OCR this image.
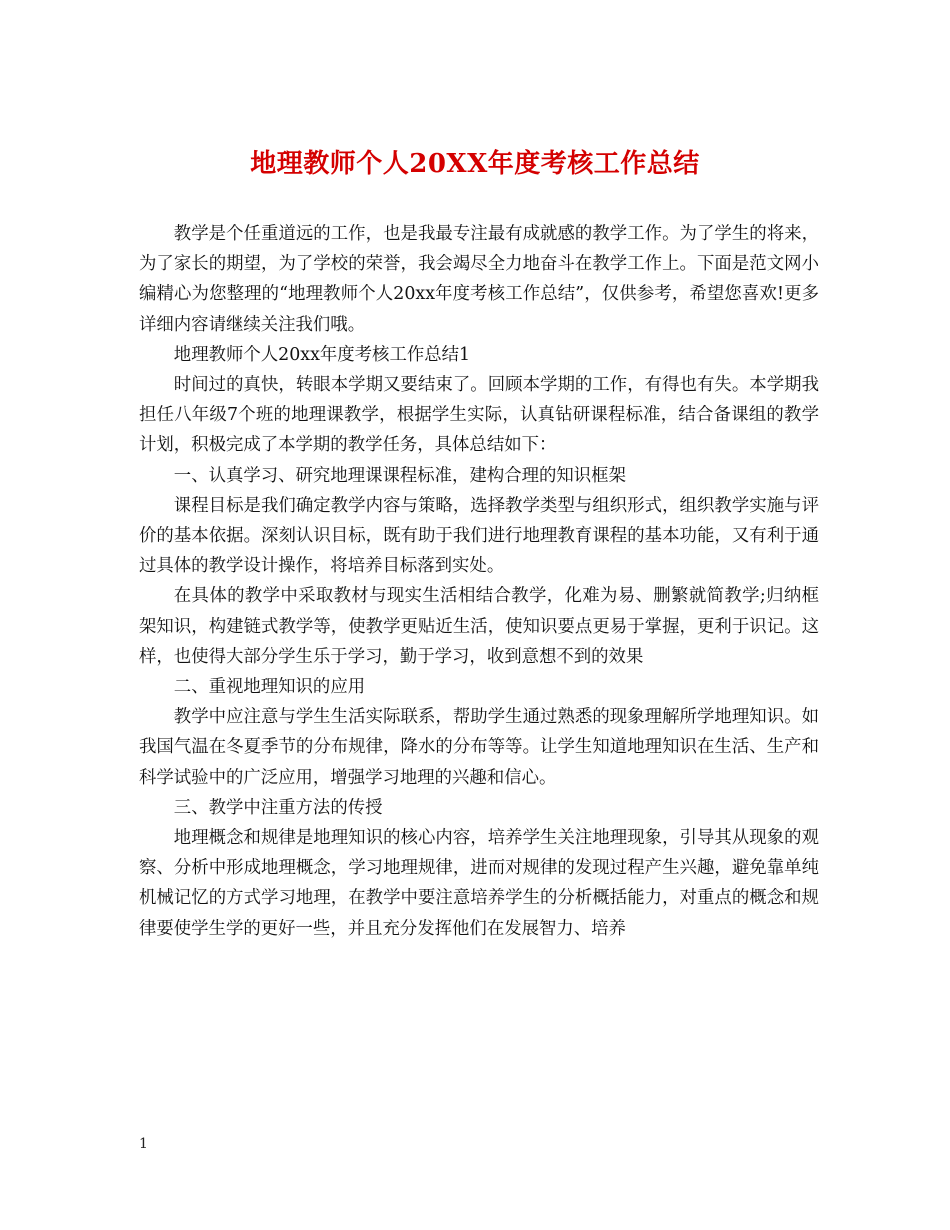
地理教师个人20XX年度考核工作总结

教学是个任重道远的工作，也是我最专注最有成就感的教学工作。为了学生的将来，为了家长的期望，为了学校的荣誉，我会竭尽全力地奋斗在教学工作上。下面是范文网小编精心为您整理的“地理教师个人20xx年度考核工作总结”，仅供参考，希望您喜欢!更多详细内容请继续关注我们哦。

地理教师个人20xx年度考核工作总结1

时间过的真快，转眼本学期又要结束了。回顾本学期的工作，有得也有失。本学期我担任八年级7个班的地理课教学，根据学生实际，认真钻研课程标准，结合备课组的教学计划，积极完成了本学期的教学任务，具体总结如下：

一、认真学习、研究地理课课程标准，建构合理的知识框架

课程目标是我们确定教学内容与策略，选择教学类型与组织形式，组织教学实施与评价的基本依据。深刻认识目标，既有助于我们进行地理教育课程的基本功能，又有利于通过具体的教学设计操作，将培养目标落到实处。

在具体的教学中采取教材与现实生活相结合教学，化难为易、删繁就简教学;归纳框架知识，构建链式教学等，使教学更贴近生活，使知识要点更易于掌握，更利于识记。这样，也使得大部分学生乐于学习，勤于学习，收到意想不到的效果

二、重视地理知识的应用

教学中应注意与学生生活实际联系，帮助学生通过熟悉的现象理解所学地理知识。如我国气温在冬夏季节的分布规律，降水的分布等等。让学生知道地理知识在生活、生产和科学试验中的广泛应用，增强学习地理的兴趣和信心。

三、教学中注重方法的传授

地理概念和规律是地理知识的核心内容，培养学生关注地理现象，引导其从现象的观察、分析中形成地理概念，学习地理规律，进而对规律的发现过程产生兴趣，避免靠单纯机械记忆的方式学习地理，在教学中要注意培养学生的分析概括能力，对重点的概念和规律要使学生学的更好一些，并且充分发挥他们在发展智力、培养

1
